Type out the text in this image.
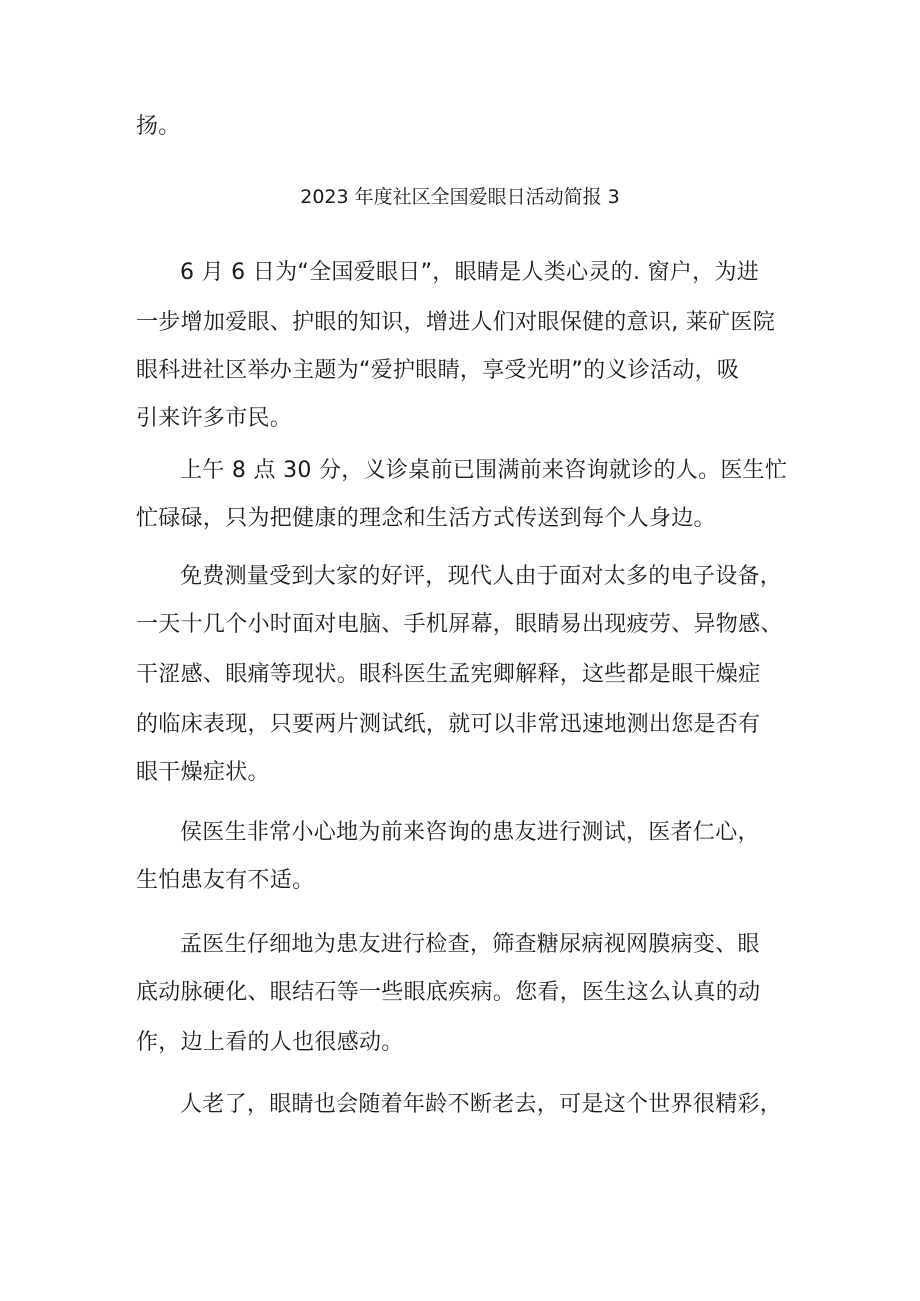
扬。
2023 年度社区全国爱眼日活动简报 3
6 月 6 日为“全国爱眼日”，眼睛是人类心灵的. 窗户，为进
一步增加爱眼、护眼的知识，增进人们对眼保健的意识, 莱矿医院
眼科进社区举办主题为“爱护眼睛，享受光明”的义诊活动，吸
引来许多市民。
上午 8 点 30 分，义诊桌前已围满前来咨询就诊的人。医生忙
忙碌碌，只为把健康的理念和生活方式传送到每个人身边。
免费测量受到大家的好评，现代人由于面对太多的电子设备，
一天十几个小时面对电脑、手机屏幕，眼睛易出现疲劳、异物感、
干涩感、眼痛等现状。眼科医生孟宪卿解释，这些都是眼干燥症
的临床表现，只要两片测试纸，就可以非常迅速地测出您是否有
眼干燥症状。
侯医生非常小心地为前来咨询的患友进行测试，医者仁心，
生怕患友有不适。
孟医生仔细地为患友进行检查，筛查糖尿病视网膜病变、眼
底动脉硬化、眼结石等一些眼底疾病。您看，医生这么认真的动
作，边上看的人也很感动。
人老了，眼睛也会随着年龄不断老去，可是这个世界很精彩，
